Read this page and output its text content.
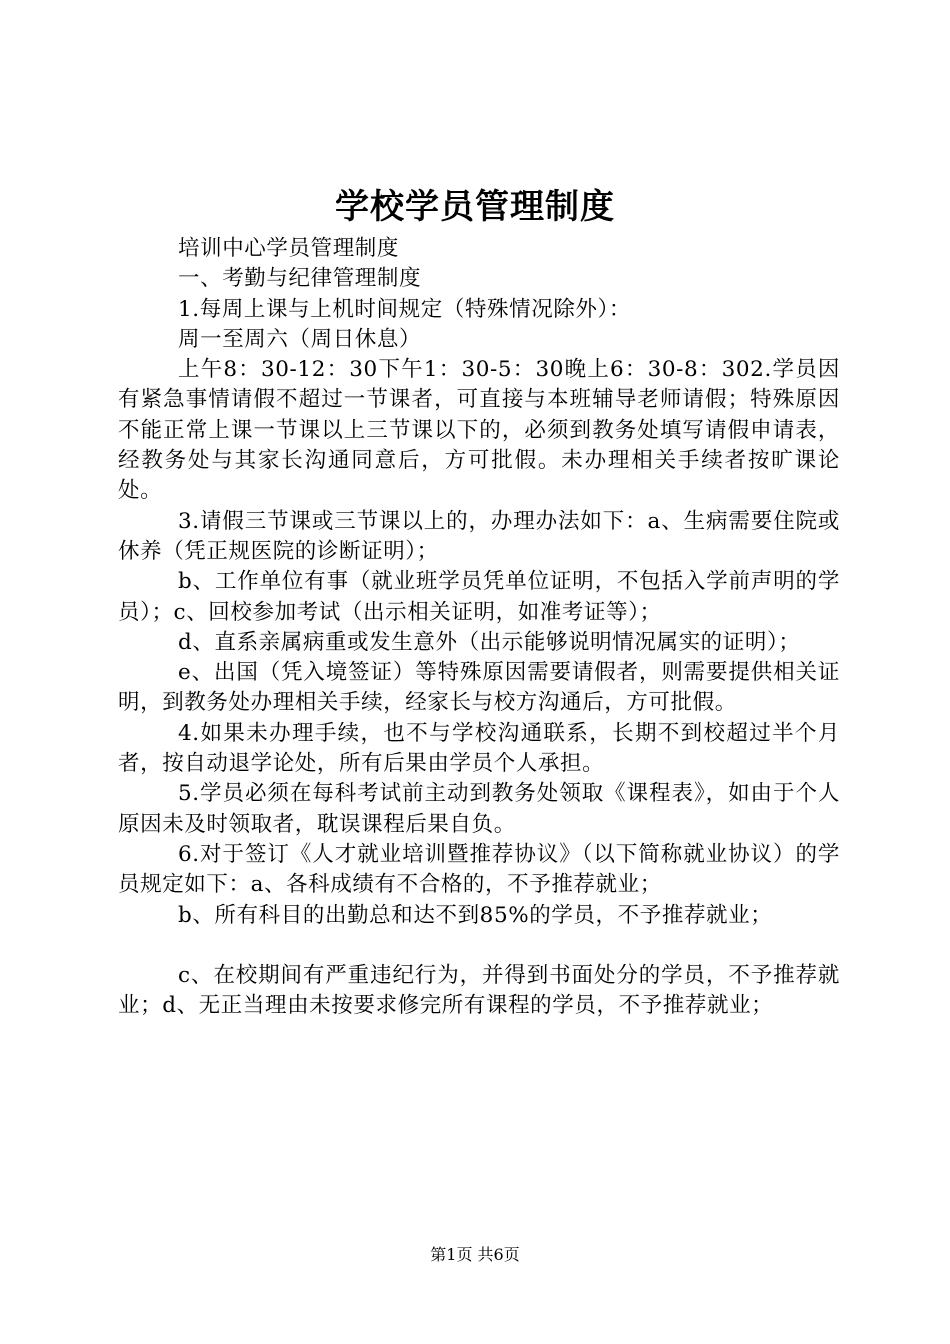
学校学员管理制度

培训中心学员管理制度

一、考勤与纪律管理制度

1.每周上课与上机时间规定（特殊情况除外）：

周一至周六（周日休息）

上午8：30-12：30下午1：30-5：30晚上6：30-8：302.学员因有紧急事情请假不超过一节课者，可直接与本班辅导老师请假；特殊原因不能正常上课一节课以上三节课以下的，必须到教务处填写请假申请表，经教务处与其家长沟通同意后，方可批假。未办理相关手续者按旷课论处。

3.请假三节课或三节课以上的，办理办法如下：a、生病需要住院或休养（凭正规医院的诊断证明）；

b、工作单位有事（就业班学员凭单位证明，不包括入学前声明的学员）；c、回校参加考试（出示相关证明，如准考证等）；

d、直系亲属病重或发生意外（出示能够说明情况属实的证明）；

e、出国（凭入境签证）等特殊原因需要请假者，则需要提供相关证明，到教务处办理相关手续，经家长与校方沟通后，方可批假。

4.如果未办理手续，也不与学校沟通联系，长期不到校超过半个月者，按自动退学论处，所有后果由学员个人承担。

5.学员必须在每科考试前主动到教务处领取《课程表》，如由于个人原因未及时领取者，耽误课程后果自负。

6.对于签订《人才就业培训暨推荐协议》（以下简称就业协议）的学员规定如下：a、各科成绩有不合格的，不予推荐就业；

b、所有科目的出勤总和达不到85%的学员，不予推荐就业；

c、在校期间有严重违纪行为，并得到书面处分的学员，不予推荐就业；d、无正当理由未按要求修完所有课程的学员，不予推荐就业；

第1页 共6页
